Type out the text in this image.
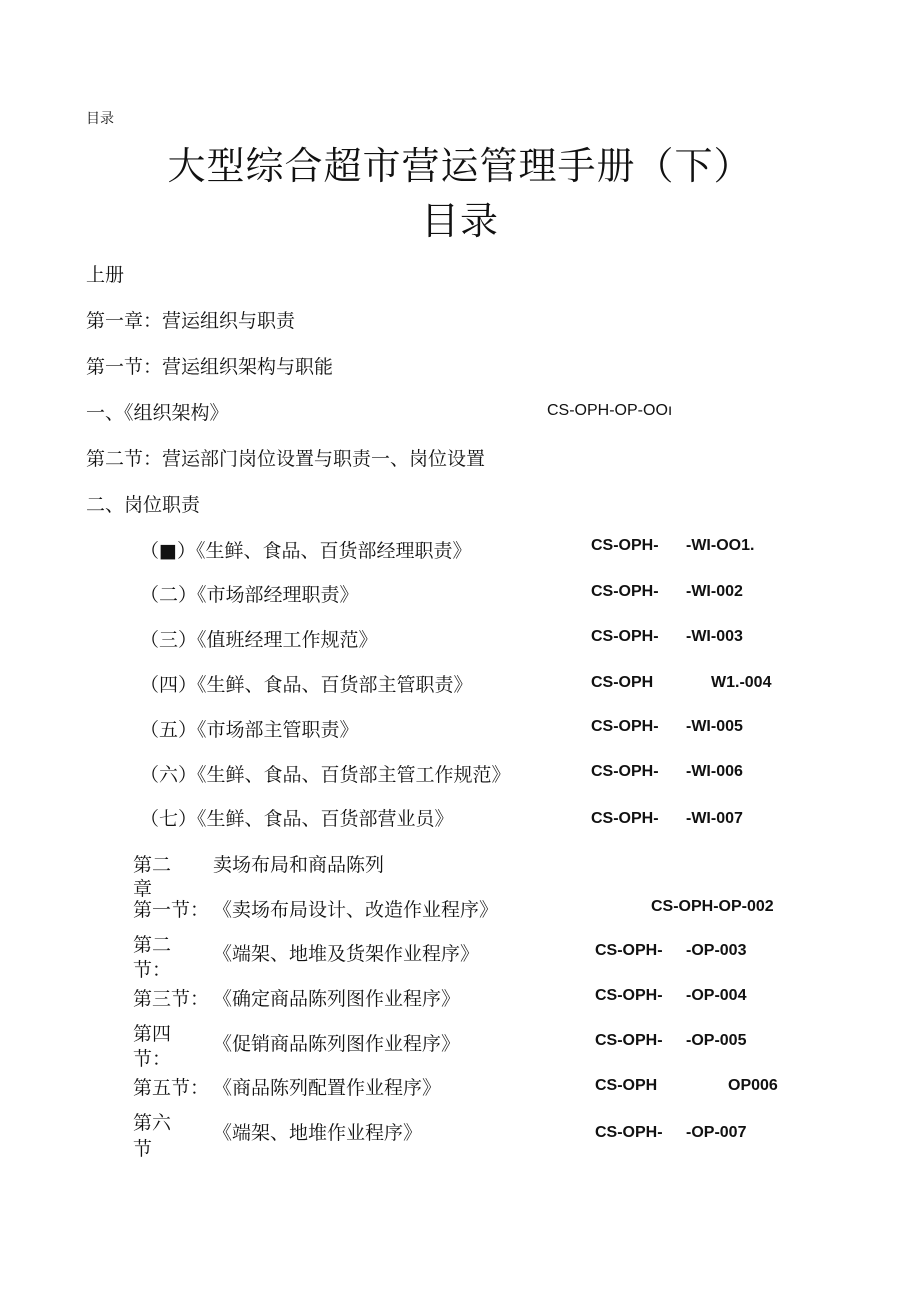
目录
大型综合超市营运管理手册（下）
目录
上册
第一章：营运组织与职责
第一节：营运组织架构与职能
一、《组织架构》	CS-OPH-OP-OOı
第二节：营运部门岗位设置与职责一、岗位设置
二、岗位职责
（■）《生鲜、食品、百货部经理职责》	CS-OPH- -WI-OO1.
（二）《市场部经理职责》	CS-OPH- -WI-002
（三）《值班经理工作规范》	CS-OPH- -WI-003
（四）《生鲜、食品、百货部主管职责》	CS-OPH	W1.-004
（五）《市场部主管职责》	CS-OPH- -WI-005
（六）《生鲜、食品、百货部主管工作规范》	CS-OPH- -WI-006
（七）《生鲜、食品、百货部营业员》	CS-OPH- -WI-007
第二
章
卖场布局和商品陈列
第一节： 《卖场布局设计、改造作业程序》	CS-OPH-OP-002
第二
节：
《端架、地堆及货架作业程序》	CS-OPH- -OP-003
第三节： 《确定商品陈列图作业程序》	CS-OPH- -OP-004
第四
节：
《促销商品陈列图作业程序》	CS-OPH- -OP-005
第五节： 《商品陈列配置作业程序》	CS-OPH	OP006
第六
节
《端架、地堆作业程序》	CS-OPH- -OP-007
